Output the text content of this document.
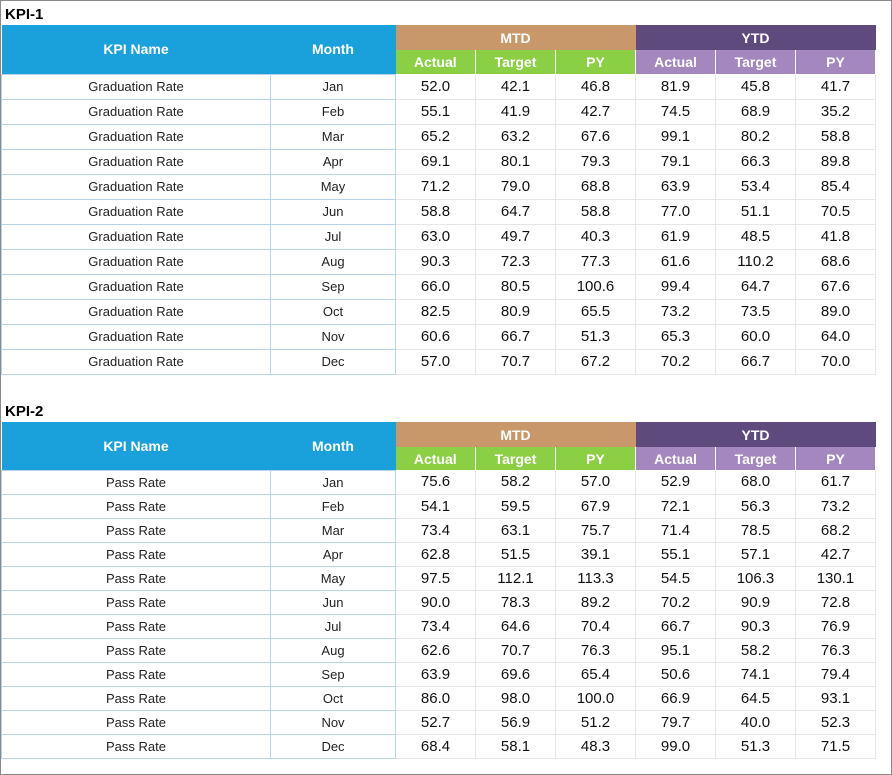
KPI-1
KPI Name	Month	MTD			YTD		
		Actual	Target	PY	Actual	Target	PY
Graduation Rate	Jan	52.0	42.1	46.8	81.9	45.8	41.7
Graduation Rate	Feb	55.1	41.9	42.7	74.5	68.9	35.2
Graduation Rate	Mar	65.2	63.2	67.6	99.1	80.2	58.8
Graduation Rate	Apr	69.1	80.1	79.3	79.1	66.3	89.8
Graduation Rate	May	71.2	79.0	68.8	63.9	53.4	85.4
Graduation Rate	Jun	58.8	64.7	58.8	77.0	51.1	70.5
Graduation Rate	Jul	63.0	49.7	40.3	61.9	48.5	41.8
Graduation Rate	Aug	90.3	72.3	77.3	61.6	110.2	68.6
Graduation Rate	Sep	66.0	80.5	100.6	99.4	64.7	67.6
Graduation Rate	Oct	82.5	80.9	65.5	73.2	73.5	89.0
Graduation Rate	Nov	60.6	66.7	51.3	65.3	60.0	64.0
Graduation Rate	Dec	57.0	70.7	67.2	70.2	66.7	70.0
KPI-2
KPI Name	Month	MTD			YTD		
		Actual	Target	PY	Actual	Target	PY
Pass Rate	Jan	75.6	58.2	57.0	52.9	68.0	61.7
Pass Rate	Feb	54.1	59.5	67.9	72.1	56.3	73.2
Pass Rate	Mar	73.4	63.1	75.7	71.4	78.5	68.2
Pass Rate	Apr	62.8	51.5	39.1	55.1	57.1	42.7
Pass Rate	May	97.5	112.1	113.3	54.5	106.3	130.1
Pass Rate	Jun	90.0	78.3	89.2	70.2	90.9	72.8
Pass Rate	Jul	73.4	64.6	70.4	66.7	90.3	76.9
Pass Rate	Aug	62.6	70.7	76.3	95.1	58.2	76.3
Pass Rate	Sep	63.9	69.6	65.4	50.6	74.1	79.4
Pass Rate	Oct	86.0	98.0	100.0	66.9	64.5	93.1
Pass Rate	Nov	52.7	56.9	51.2	79.7	40.0	52.3
Pass Rate	Dec	68.4	58.1	48.3	99.0	51.3	71.5
